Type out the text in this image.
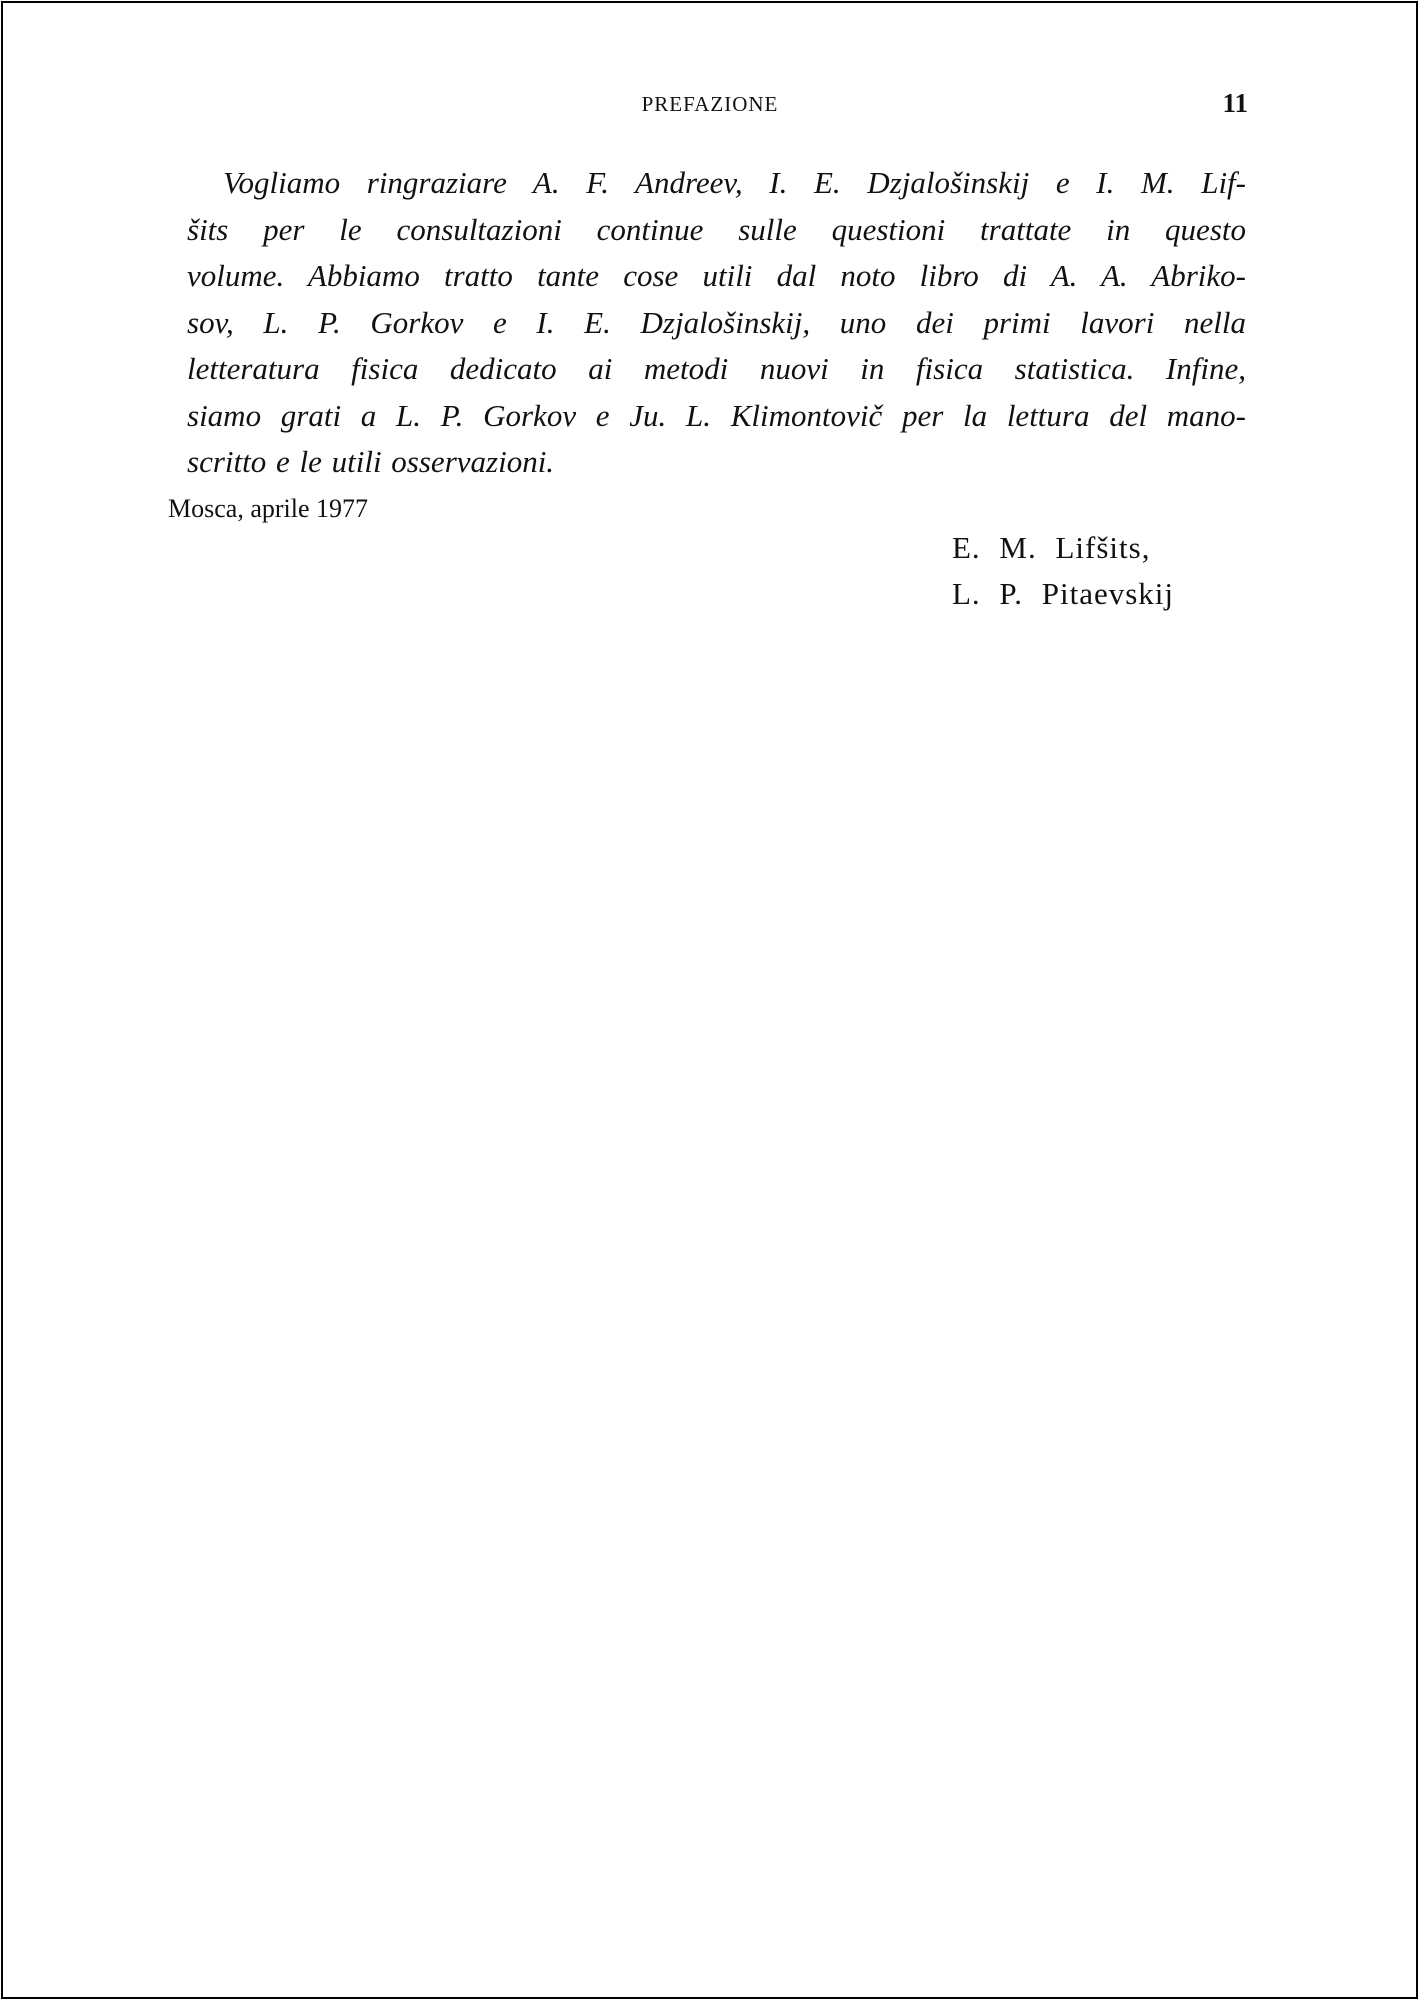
PREFAZIONE	11
Vogliamo ringraziare A. F. Andreev, I. E. Dzjalošinskij e I. M. Lif-
šits per le consultazioni continue sulle questioni trattate in questo
volume. Abbiamo tratto tante cose utili dal noto libro di A. A. Abriko-
sov, L. P. Gorkov e I. E. Dzjalošinskij, uno dei primi lavori nella
letteratura fisica dedicato ai metodi nuovi in fisica statistica. Infine,
siamo grati a L. P. Gorkov e Ju. L. Klimontovič per la lettura del mano-
scritto e le utili osservazioni.
Mosca, aprile 1977
E. M. Lifšits,
L. P. Pitaevskij
